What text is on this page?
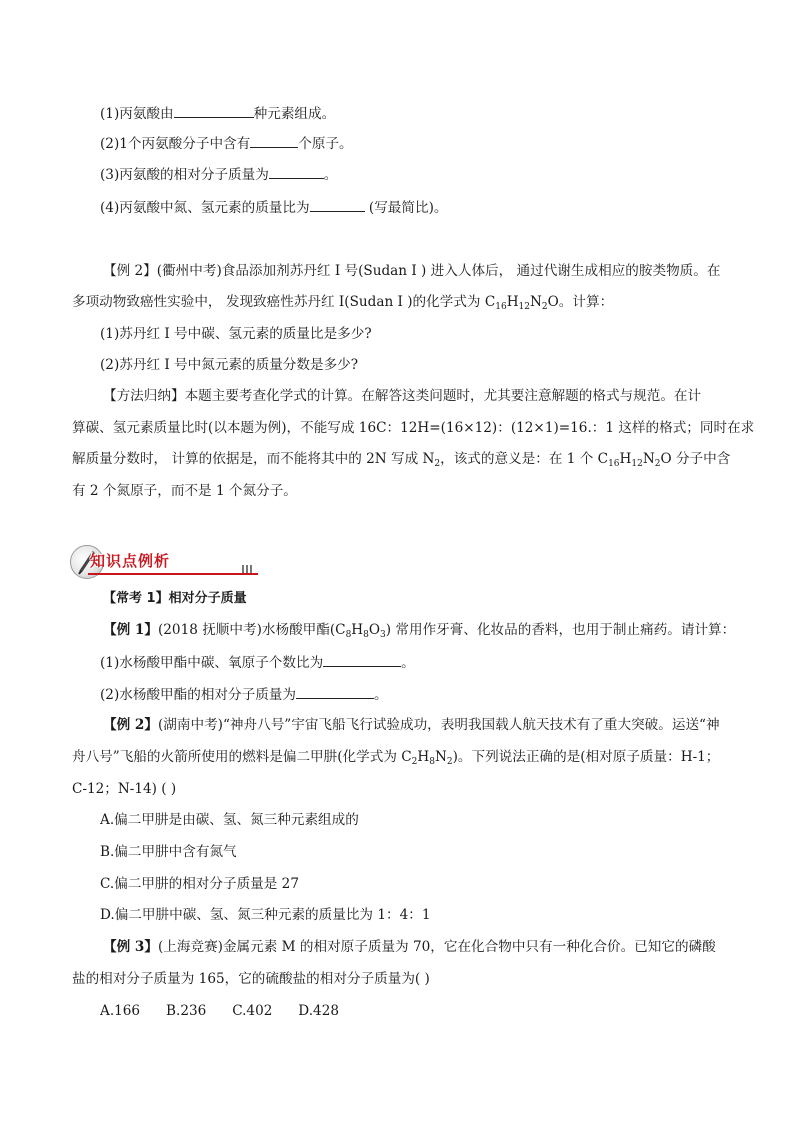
(1)丙氨酸由	种元素组成。
(2)1个丙氨酸分子中含有	个原子。
(3)丙氨酸的相对分子质量为	。
(4)丙氨酸中氮、氢元素的质量比为	(写最简比)。
【例 2】(衢州中考)食品添加剂苏丹红 I 号(Sudan I ) 进入人体后， 通过代谢生成相应的胺类物质。在
多项动物致癌性实验中， 发现致癌性苏丹红 I(Sudan I )的化学式为 $C_{16}H_{12}N_2O$。计算：
(1)苏丹红 I 号中碳、氢元素的质量比是多少?
(2)苏丹红 I 号中氮元素的质量分数是多少?
【方法归纳】本题主要考查化学式的计算。在解答这类问题时，尤其要注意解题的格式与规范。在计
算碳、氢元素质量比时(以本题为例)，不能写成 16C：12H=(16×12)：(12×1)=16.：1 这样的格式；同时在求
解质量分数时， 计算的依据是，而不能将其中的 2N 写成 $N_2$，该式的意义是：在 1 个 $C_{16}H_{12}N_2O$ 分子中含
有 2 个氮原子，而不是 1 个氮分子。
知识点例析
【常考 1】相对分子质量
【例 1】(2018 抚顺中考)水杨酸甲酯$(C_8H_8O_3)$ 常用作牙膏、化妆品的香料，也用于制止痛药。请计算：
(1)水杨酸甲酯中碳、氧原子个数比为	。
(2)水杨酸甲酯的相对分子质量为	。
【例 2】(湖南中考)“神舟八号”宇宙飞船飞行试验成功，表明我国载人航天技术有了重大突破。运送“神
舟八号”飞船的火箭所使用的燃料是偏二甲肼(化学式为 $C_2H_8N_2$)。下列说法正确的是(相对原子质量：H-1；
C-12；N-14) ( )
A.偏二甲肼是由碳、氢、氮三种元素组成的
B.偏二甲肼中含有氮气
C.偏二甲肼的相对分子质量是 27
D.偏二甲肼中碳、氢、氮三种元素的质量比为 1：4：1
【例 3】(上海竞赛)金属元素 M 的相对原子质量为 70，它在化合物中只有一种化合价。已知它的磷酸
盐的相对分子质量为 165，它的硫酸盐的相对分子质量为( )
A.166      B.236      C.402      D.428
